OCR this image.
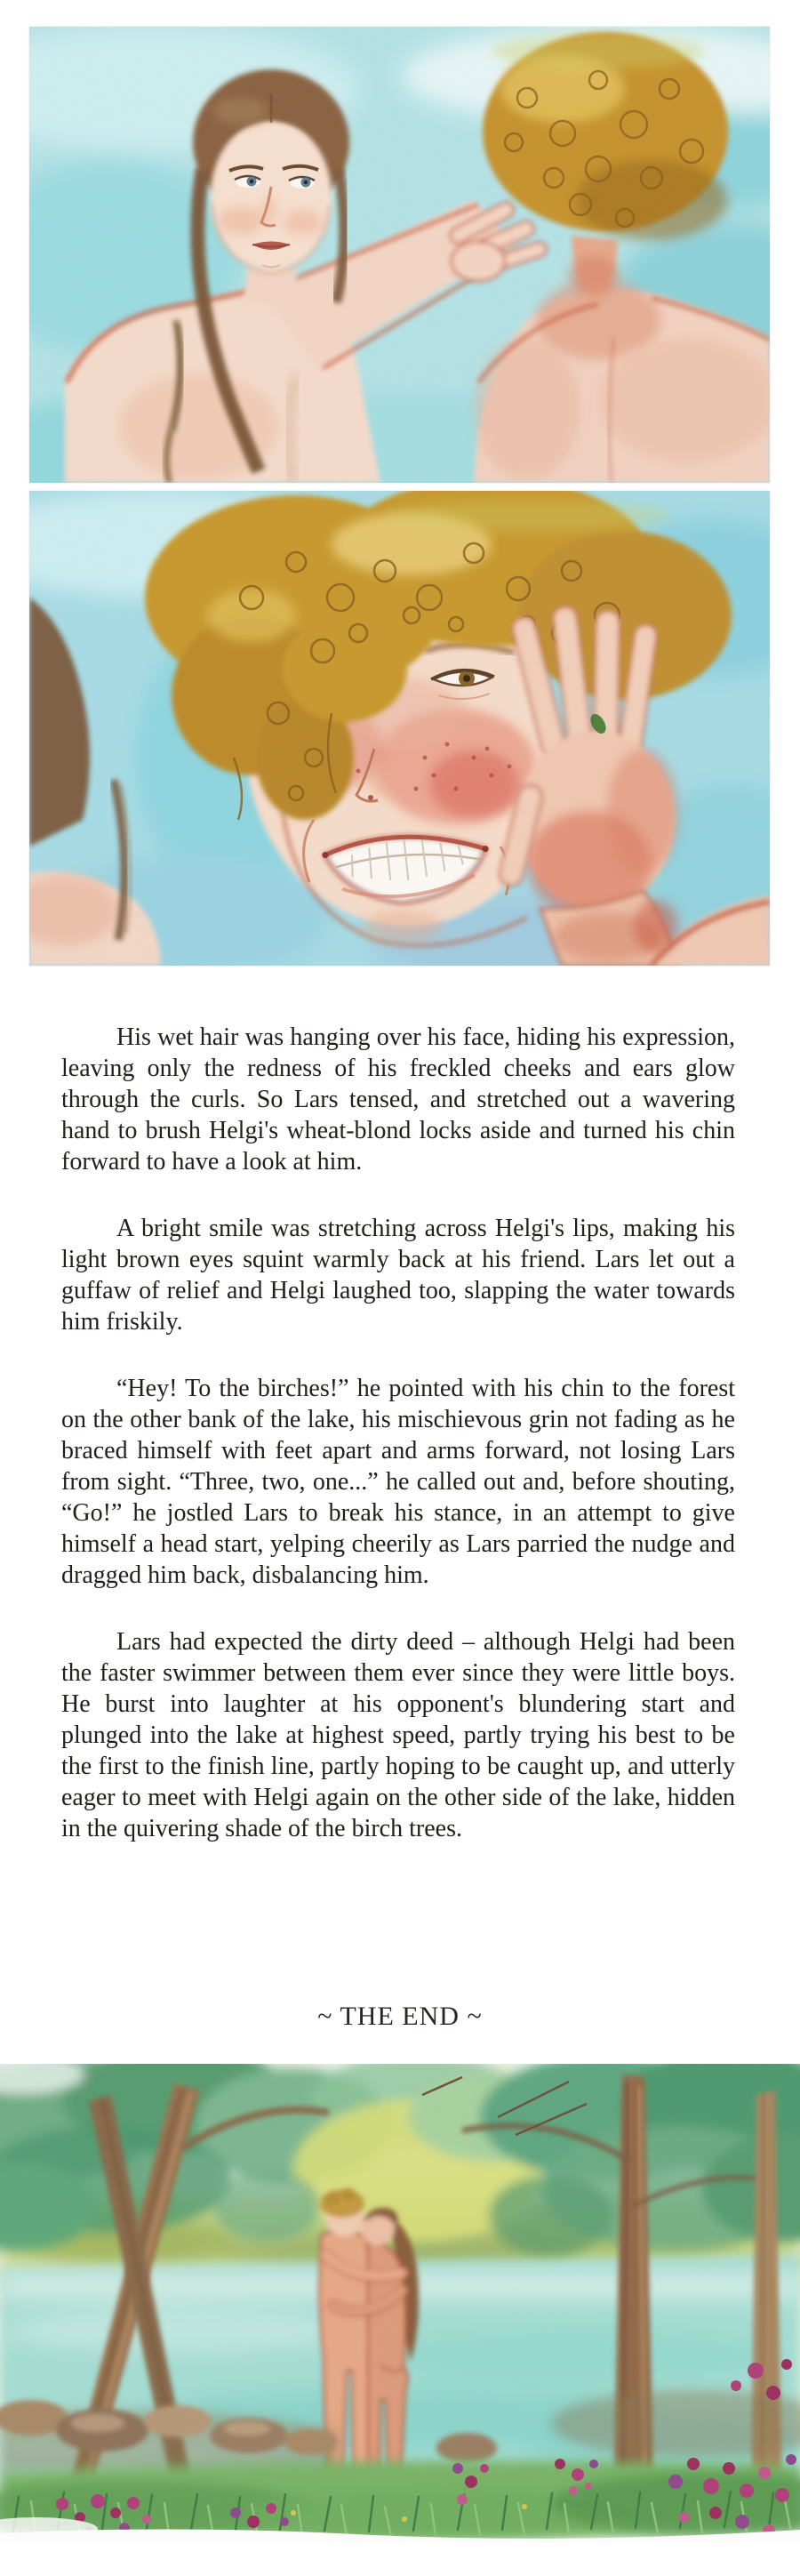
His wet hair was hanging over his face, hiding his expression, leaving only the redness of his freckled cheeks and ears glow through the curls. So Lars tensed, and stretched out a wavering hand to brush Helgi's wheat-blond locks aside and turned his chin forward to have a look at him.

A bright smile was stretching across Helgi's lips, making his light brown eyes squint warmly back at his friend. Lars let out a guffaw of relief and Helgi laughed too, slapping the water towards him friskily.

“Hey! To the birches!” he pointed with his chin to the forest on the other bank of the lake, his mischievous grin not fading as he braced himself with feet apart and arms forward, not losing Lars from sight. “Three, two, one...” he called out and, before shouting, “Go!” he jostled Lars to break his stance, in an attempt to give himself a head start, yelping cheerily as Lars parried the nudge and dragged him back, disbalancing him.

Lars had expected the dirty deed – although Helgi had been the faster swimmer between them ever since they were little boys. He burst into laughter at his opponent's blundering start and plunged into the lake at highest speed, partly trying his best to be the first to the finish line, partly hoping to be caught up, and utterly eager to meet with Helgi again on the other side of the lake, hidden in the quivering shade of the birch trees.

~ THE END ~
